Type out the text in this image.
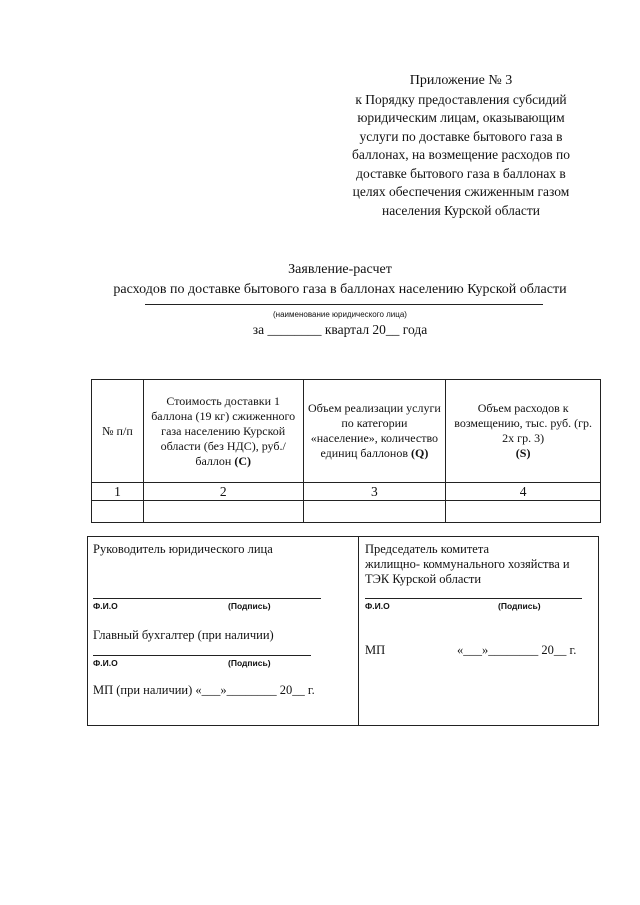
Приложение № 3
к Порядку предоставления субсидий
юридическим лицам, оказывающим
услуги по доставке бытового газа в
баллонах, на возмещение расходов по
доставке бытового газа в баллонах в
целях обеспечения сжиженным газом
населения Курской области
Заявление-расчет
расходов по доставке бытового газа в баллонах населению Курской области
(наименование юридического лица)
за ________ квартал 20__ года
№ п/п	Стоимость доставки 1 баллона (19 кг) сжиженного газа населению Курской области (без НДС), руб./баллон (С)	Объем реализации услуги по категории «население», количество единиц баллонов (Q)	Объем расходов к возмещению, тыс. руб. (гр. 2х гр. 3)
(S)
1	2	3	4

Руководитель юридического лица
Ф.И.О	(Подпись)
Главный бухгалтер (при наличии)
Ф.И.О	(Подпись)
МП (при наличии) «___»________ 20__ г.
Председатель комитета
жилищно- коммунального хозяйства и
ТЭК Курской области
Ф.И.О	(Подпись)
МП	«___»________ 20__ г.
